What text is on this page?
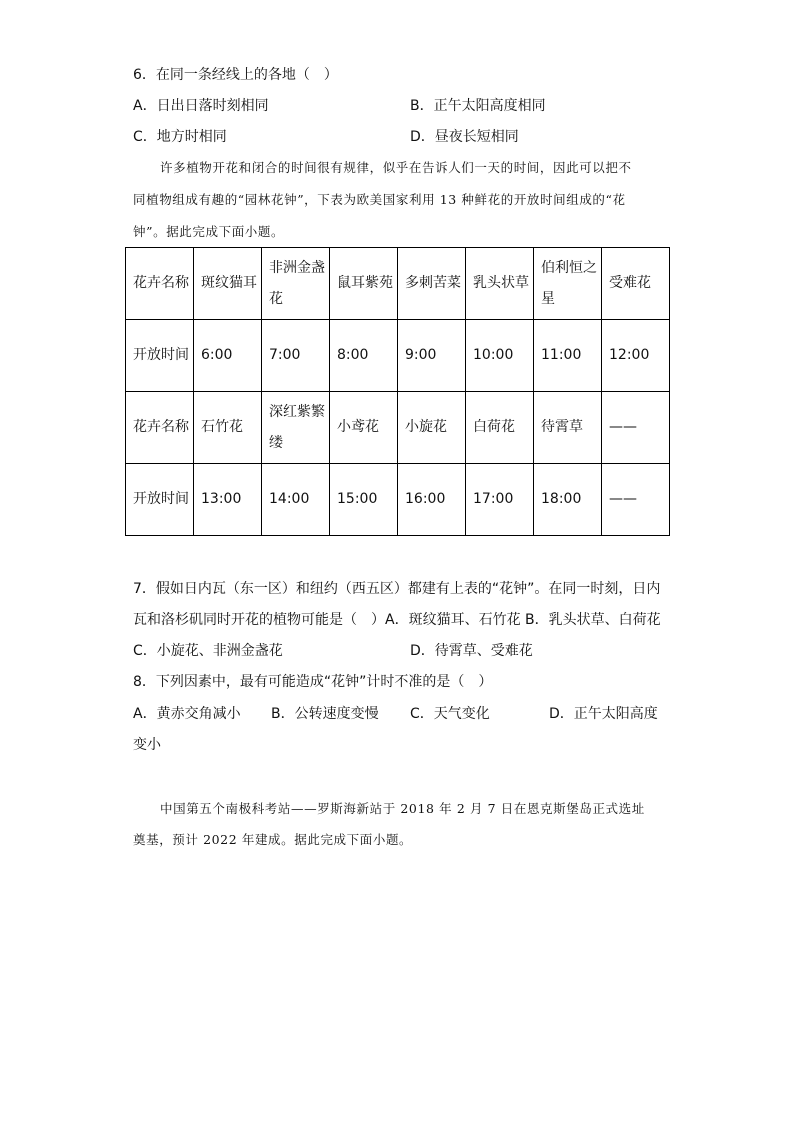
6．在同一条经线上的各地（　）
A．日出日落时刻相同	B．正午太阳高度相同
C．地方时相同	D．昼夜长短相同
许多植物开花和闭合的时间很有规律，似乎在告诉人们一天的时间，因此可以把不
同植物组成有趣的“园林花钟”，下表为欧美国家利用 13 种鲜花的开放时间组成的“花
钟”。据此完成下面小题。
花卉名称	斑纹猫耳	非洲金盏花	鼠耳紫苑	多刺苦菜	乳头状草	伯利恒之星	受难花
开放时间	6:00	7:00	8:00	9:00	10:00	11:00	12:00
花卉名称	石竹花	深红紫繁缕	小鸢花	小旋花	白荷花	待霄草	——
开放时间	13:00	14:00	15:00	16:00	17:00	18:00	——
7．假如日内瓦（东一区）和纽约（西五区）都建有上表的“花钟”。在同一时刻，日内
瓦和洛杉矶同时开花的植物可能是（　）A．斑纹猫耳、石竹花 B．乳头状草、白荷花
C．小旋花、非洲金盏花	D．待霄草、受难花
8．下列因素中，最有可能造成“花钟”计时不准的是（　）
A．黄赤交角减小 B．公转速度变慢 C．天气变化	D．正午太阳高度
变小
中国第五个南极科考站——罗斯海新站于 2018 年 2 月 7 日在恩克斯堡岛正式选址
奠基，预计 2022 年建成。据此完成下面小题。
